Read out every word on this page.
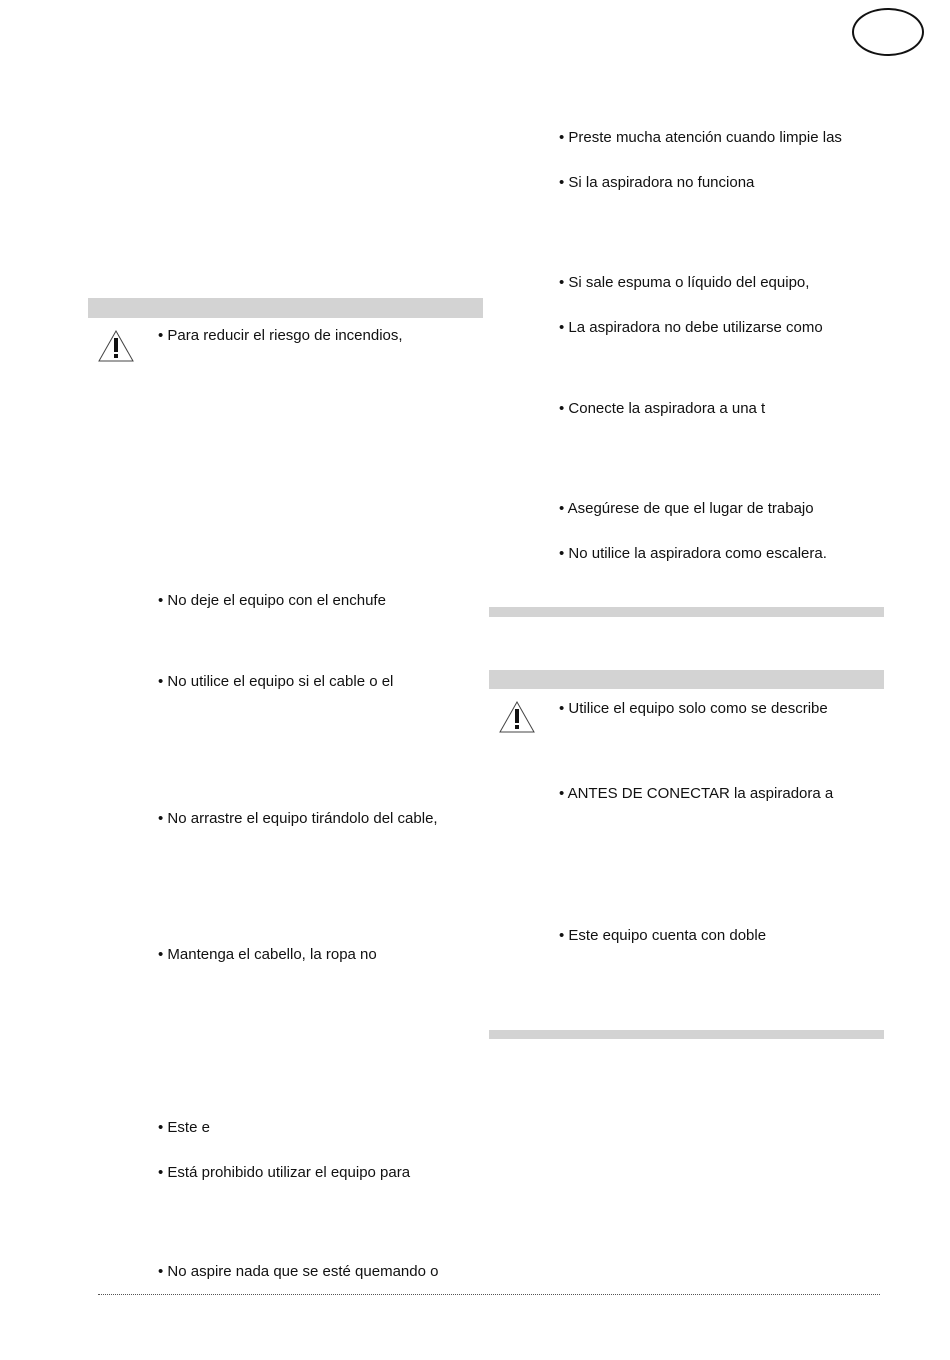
• Para reducir el riesgo de incendios,
• No deje el equipo con el enchufe
• No utilice el equipo si el cable o el
• No arrastre el equipo tirándolo del cable,
• Mantenga el cabello, la ropa no
• Este e
• Está prohibido utilizar el equipo para
• No aspire nada que se esté quemando o
• Preste mucha atención cuando limpie las
• Si la aspiradora no funciona
• Si sale espuma o líquido del equipo,
• La aspiradora no debe utilizarse como
• Conecte la aspiradora a una t
• Asegúrese de que el lugar de trabajo
• No utilice la aspiradora como escalera.
• Utilice el equipo solo como se describe
• ANTES DE CONECTAR la aspiradora a
• Este equipo cuenta con doble
